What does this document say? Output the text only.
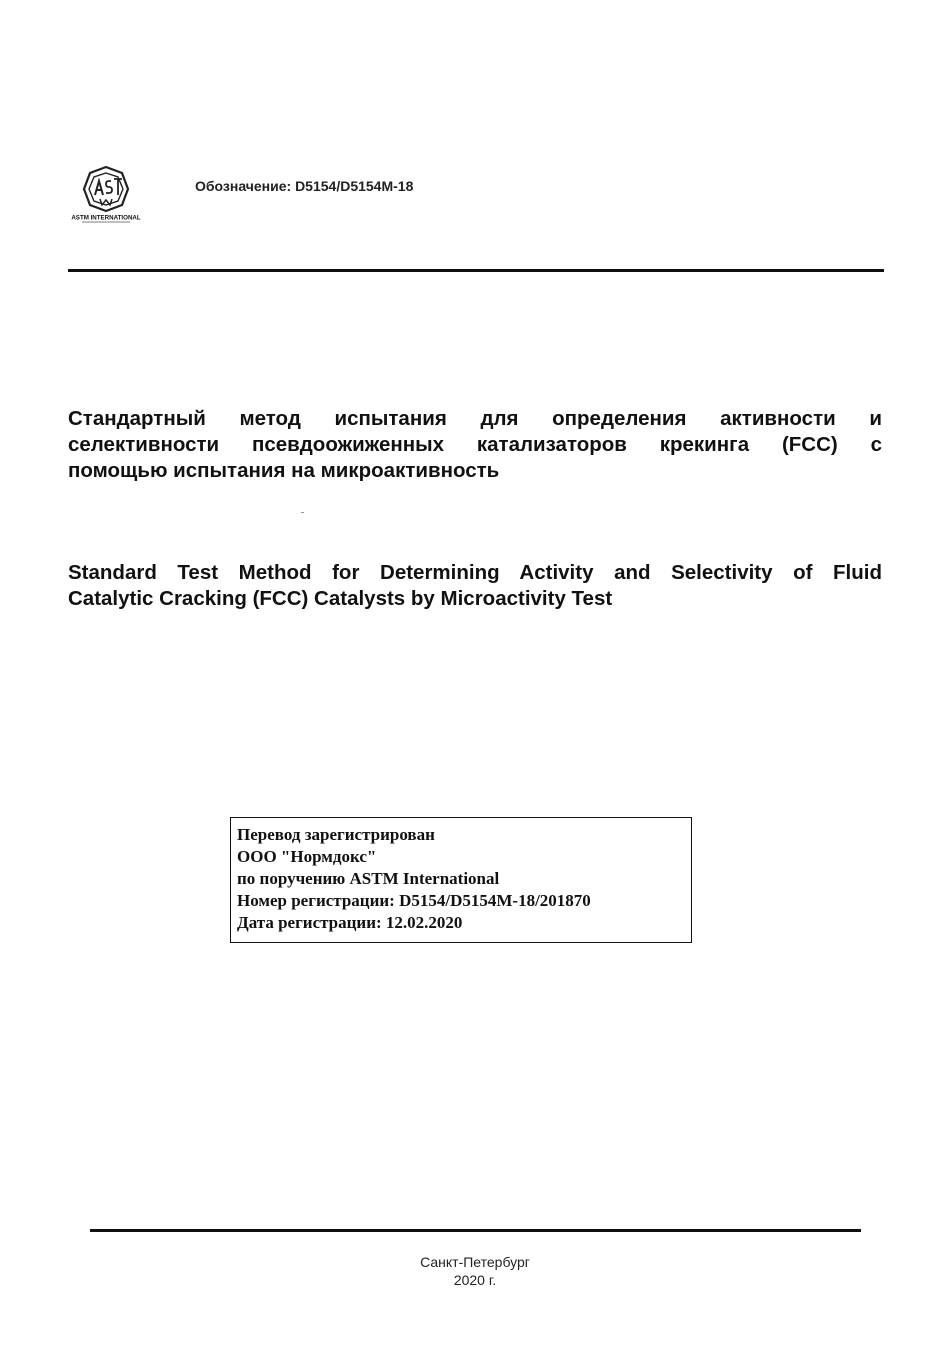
ASTM INTERNATIONAL
Обозначение: D5154/D5154M-18
Стандартный метод испытания для определения активности и
селективности псевдоожиженных катализаторов крекинга (FCC) с
помощью испытания на микроактивность
Standard Test Method for Determining Activity and Selectivity of Fluid
Catalytic Cracking (FCC) Catalysts by Microactivity Test
Перевод зарегистрирован
ООО "Нормдокс"
по поручению ASTM International
Номер регистрации: D5154/D5154M-18/201870
Дата регистрации: 12.02.2020
Санкт-Петербург
2020 г.
